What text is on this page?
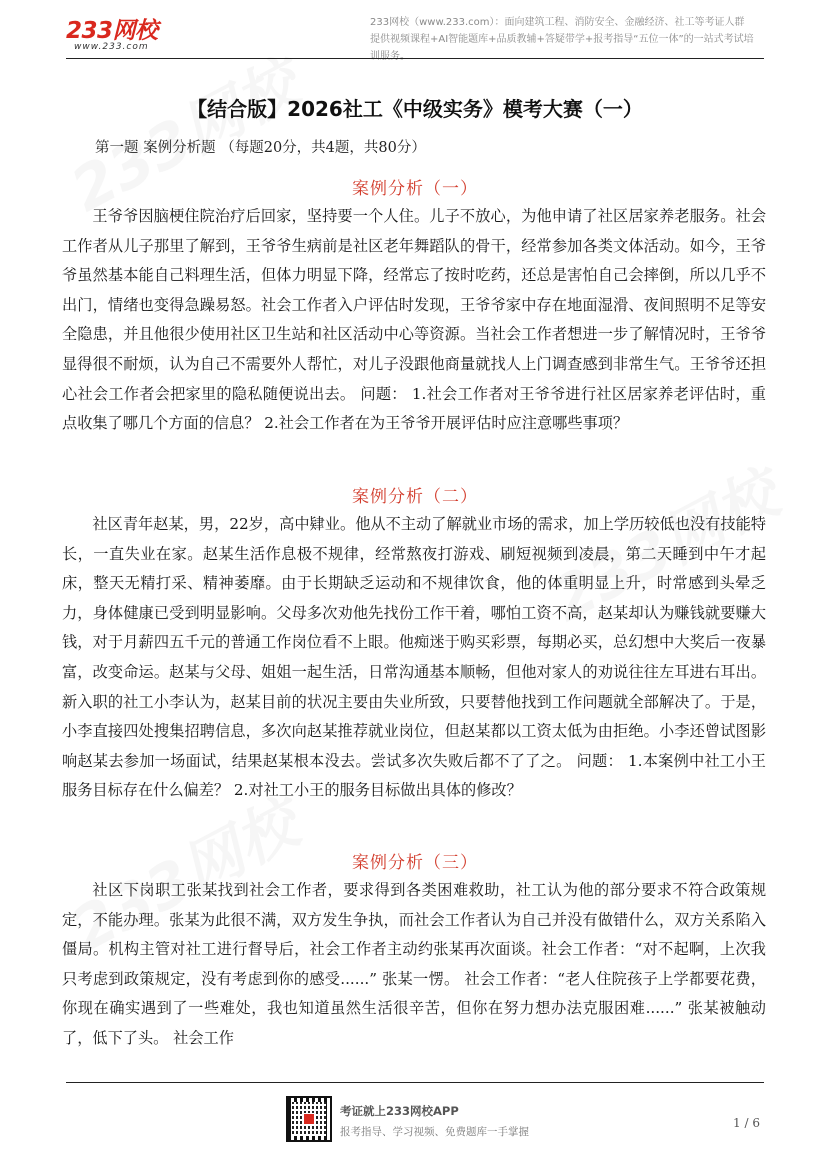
233网校
www.233.com
233网校（www.233.com）：面向建筑工程、消防安全、金融经济、社工等考证人群
提供视频课程+AI智能题库+品质教辅+答疑带学+报考指导“五位一体”的一站式考试培训服务。
【结合版】2026社工《中级实务》模考大赛（一）
第一题 案例分析题 （每题20分，共4题，共80分）
案例分析（一）
王爷爷因脑梗住院治疗后回家，坚持要一个人住。儿子不放心，为他申请了社区居家养老服务。社会工作者从儿子那里了解到，王爷爷生病前是社区老年舞蹈队的骨干，经常参加各类文体活动。如今，王爷爷虽然基本能自己料理生活，但体力明显下降，经常忘了按时吃药，还总是害怕自己会摔倒，所以几乎不出门，情绪也变得急躁易怒。社会工作者入户评估时发现，王爷爷家中存在地面湿滑、夜间照明不足等安全隐患，并且他很少使用社区卫生站和社区活动中心等资源。当社会工作者想进一步了解情况时，王爷爷显得很不耐烦，认为自己不需要外人帮忙，对儿子没跟他商量就找人上门调查感到非常生气。王爷爷还担心社会工作者会把家里的隐私随便说出去。 问题： 1.社会工作者对王爷爷进行社区居家养老评估时，重点收集了哪几个方面的信息？ 2.社会工作者在为王爷爷开展评估时应注意哪些事项？
案例分析（二）
社区青年赵某，男，22岁，高中肄业。他从不主动了解就业市场的需求，加上学历较低也没有技能特长，一直失业在家。赵某生活作息极不规律，经常熬夜打游戏、刷短视频到凌晨，第二天睡到中午才起床，整天无精打采、精神萎靡。由于长期缺乏运动和不规律饮食，他的体重明显上升，时常感到头晕乏力，身体健康已受到明显影响。父母多次劝他先找份工作干着，哪怕工资不高，赵某却认为赚钱就要赚大钱，对于月薪四五千元的普通工作岗位看不上眼。他痴迷于购买彩票，每期必买，总幻想中大奖后一夜暴富，改变命运。赵某与父母、姐姐一起生活，日常沟通基本顺畅，但他对家人的劝说往往左耳进右耳出。 新入职的社工小李认为，赵某目前的状况主要由失业所致，只要替他找到工作问题就全部解决了。于是，小李直接四处搜集招聘信息，多次向赵某推荐就业岗位，但赵某都以工资太低为由拒绝。小李还曾试图影响赵某去参加一场面试，结果赵某根本没去。尝试多次失败后都不了了之。 问题： 1.本案例中社工小王服务目标存在什么偏差？ 2.对社工小王的服务目标做出具体的修改？
案例分析（三）
社区下岗职工张某找到社会工作者，要求得到各类困难救助，社工认为他的部分要求不符合政策规定，不能办理。张某为此很不满，双方发生争执，而社会工作者认为自己并没有做错什么，双方关系陷入僵局。机构主管对社工进行督导后，社会工作者主动约张某再次面谈。社会工作者：“对不起啊，上次我只考虑到政策规定，没有考虑到你的感受......” 张某一愣。 社会工作者：“老人住院孩子上学都要花费，你现在确实遇到了一些难处，我也知道虽然生活很辛苦，但你在努力想办法克服困难......” 张某被触动了，低下了头。 社会工作
考证就上233网校APP
报考指导、学习视频、免费题库一手掌握
1 / 6
